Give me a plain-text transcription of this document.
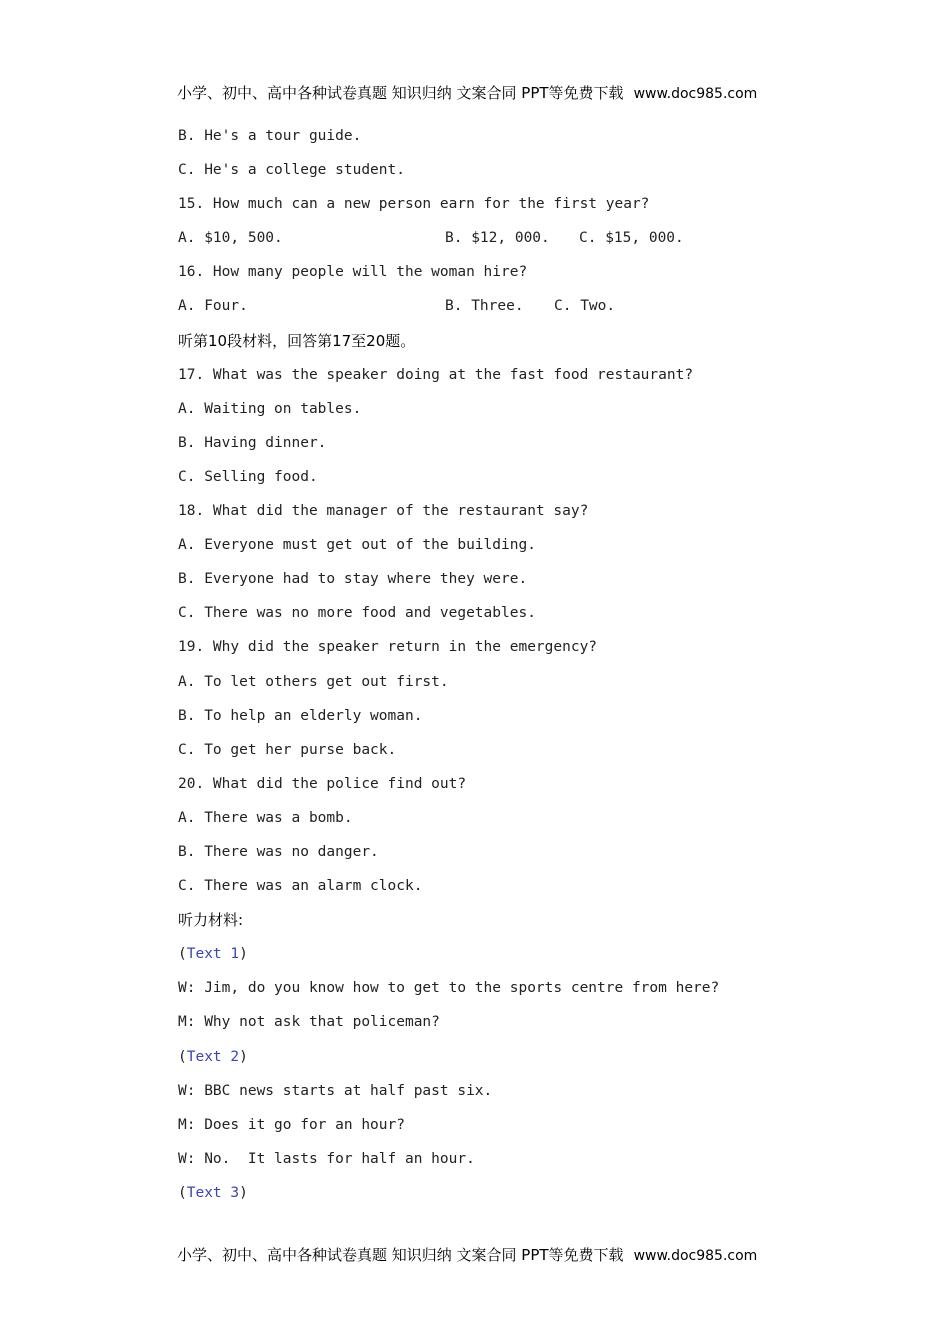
小学、初中、高中各种试卷真题 知识归纳 文案合同 PPT等免费下载 www.doc985.com
B. He's a tour guide.
C. He's a college student.
15. How much can a new person earn for the first year?

A. $10, 500.

	B. $12, 000.

C. $15, 000.

16. How many people will the woman hire?

A. Four.

	B. Three.

C. Two.

听第10段材料，回答第17至20题。
17. What was the speaker doing at the fast food restaurant?
A. Waiting on tables.
B. Having dinner.
C. Selling food.
18. What did the manager of the restaurant say?
A. Everyone must get out of the building.
B. Everyone had to stay where they were.
C. There was no more food and vegetables.
19. Why did the speaker return in the emergency?
A. To let others get out first.
B. To help an elderly woman.
C. To get her purse back.
20. What did the police find out?
A. There was a bomb.
B. There was no danger.
C. There was an alarm clock.
听力材料:
(Text 1)
W: Jim, do you know how to get to the sports centre from here?
M: Why not ask that policeman?
(Text 2)
W: BBC news starts at half past six.
M: Does it go for an hour?
W: No.  It lasts for half an hour.
(Text 3)
小学、初中、高中各种试卷真题 知识归纳 文案合同 PPT等免费下载 www.doc985.com
